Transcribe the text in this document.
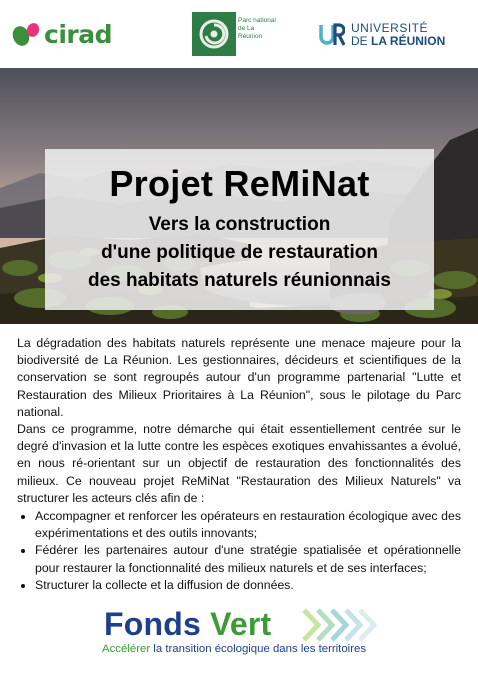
cirad	Parc national
de La Réunion
UNIVERSITÉ
DE LA RÉUNION
Projet ReMiNat
Vers la construction
d'une politique de restauration
des habitats naturels réunionnais

La dégradation des habitats naturels représente une menace majeure pour la biodiversité de La Réunion. Les gestionnaires, décideurs et scientifiques de la conservation se sont regroupés autour d'un programme partenarial "Lutte et Restauration des Milieux Prioritaires à La Réunion", sous le pilotage du Parc national.

Dans ce programme, notre démarche qui était essentiellement centrée sur le degré d'invasion et la lutte contre les espèces exotiques envahissantes a évolué, en nous ré-orientant sur un objectif de restauration des fonctionnalités des milieux. Ce nouveau projet ReMiNat "Restauration des Milieux Naturels" va structurer les acteurs clés afin de :

• Accompagner et renforcer les opérateurs en restauration écologique avec des expérimentations et des outils innovants;
• Fédérer les partenaires autour d'une stratégie spatialisée et opérationnelle pour restaurer la fonctionnalité des milieux naturels et de ses interfaces;
• Structurer la collecte et la diffusion de données.
Fonds Vert
Accélérer la transition écologique dans les territoires
